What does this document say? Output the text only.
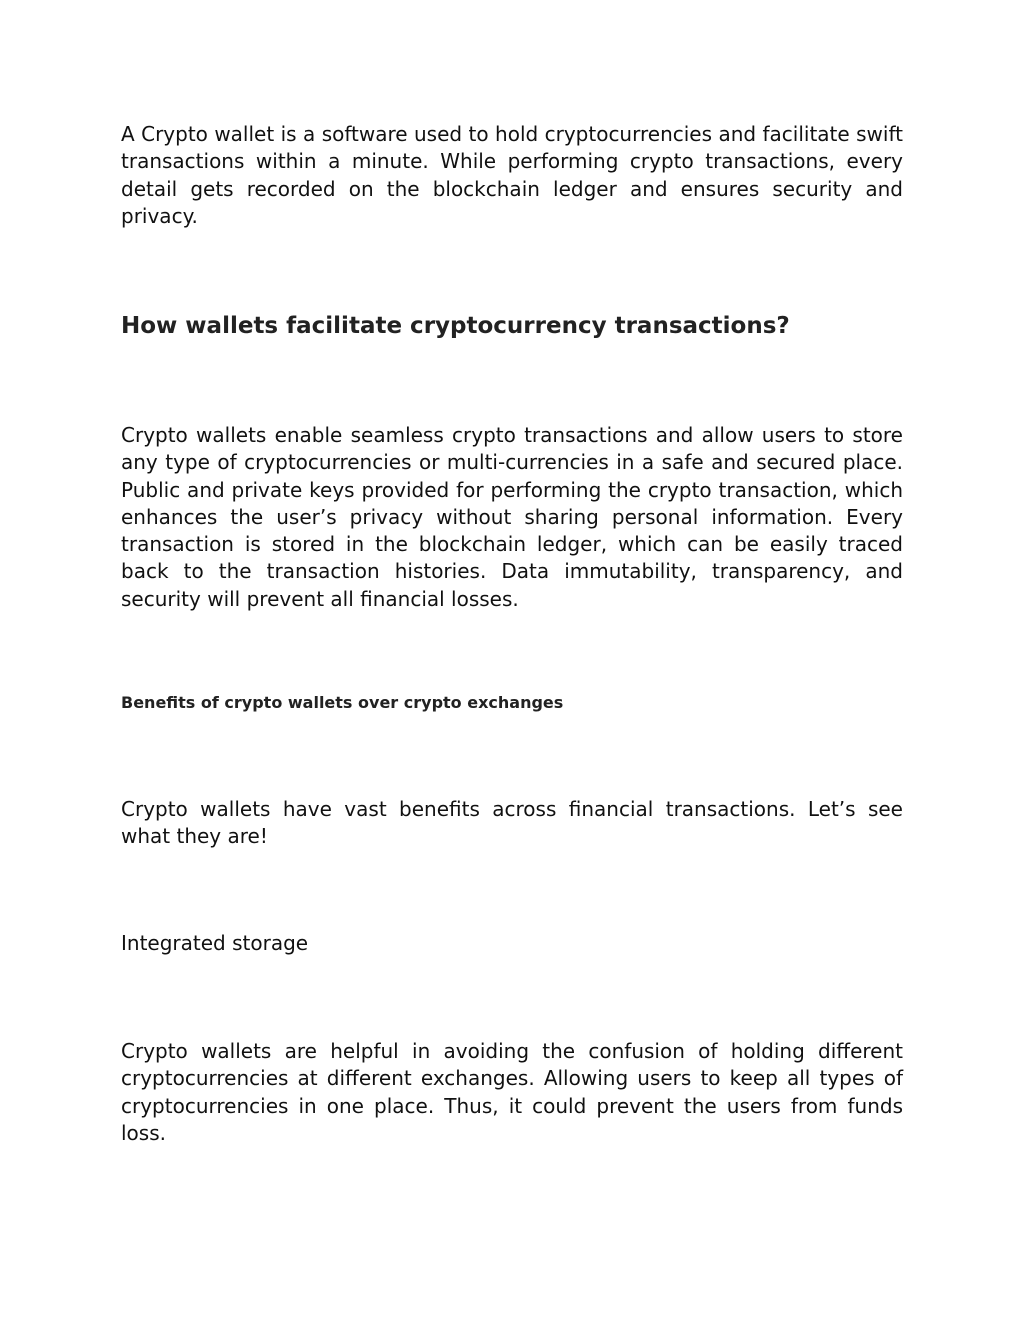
A Crypto wallet is a software used to hold cryptocurrencies and facilitate swift transactions within a minute. While performing crypto transactions, every detail gets recorded on the blockchain ledger and ensures security and privacy.

How wallets facilitate cryptocurrency transactions?

Crypto wallets enable seamless crypto transactions and allow users to store any type of cryptocurrencies or multi-currencies in a safe and secured place. Public and private keys provided for performing the crypto transaction, which enhances the user’s privacy without sharing personal information. Every transaction is stored in the blockchain ledger, which can be easily traced back to the transaction histories. Data immutability, transparency, and security will prevent all financial losses.

Benefits of crypto wallets over crypto exchanges

Crypto wallets have vast benefits across financial transactions. Let’s see what they are!

Integrated storage

Crypto wallets are helpful in avoiding the confusion of holding different cryptocurrencies at different exchanges. Allowing users to keep all types of cryptocurrencies in one place. Thus, it could prevent the users from funds loss.
